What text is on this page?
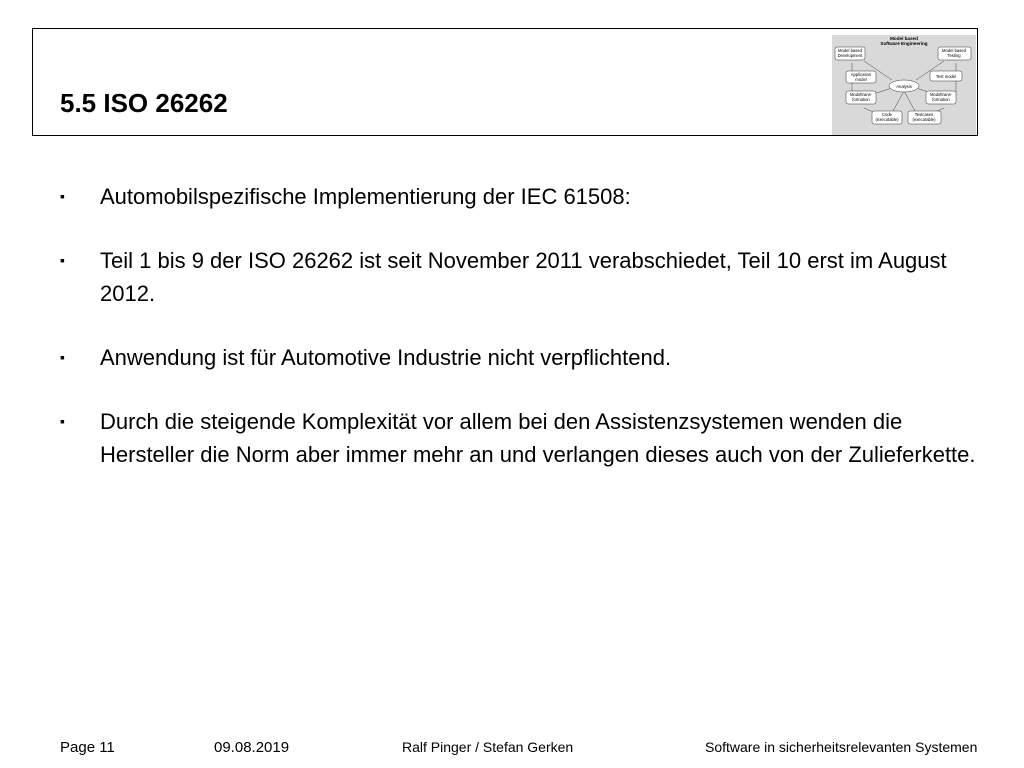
5.5 ISO 26262
Model based
Software Engineering
Model based
Development
Model based
Testing
Application
model
Test model
Analysis
Modeltrans-
formation
Modeltrans-
formation
Code
(executable)
Testcases
(executable)
▪ Automobilspezifische Implementierung der IEC 61508:
▪ Teil 1 bis 9 der ISO 26262 ist seit November 2011 verabschiedet, Teil 10 erst im August 2012.
▪ Anwendung ist für Automotive Industrie nicht verpflichtend.
▪ Durch die steigende Komplexität vor allem bei den Assistenzsystemen wenden die Hersteller die Norm aber immer mehr an und verlangen dieses auch von der Zulieferkette.
Page 11	09.08.2019	Ralf Pinger / Stefan Gerken	Software in sicherheitsrelevanten Systemen
